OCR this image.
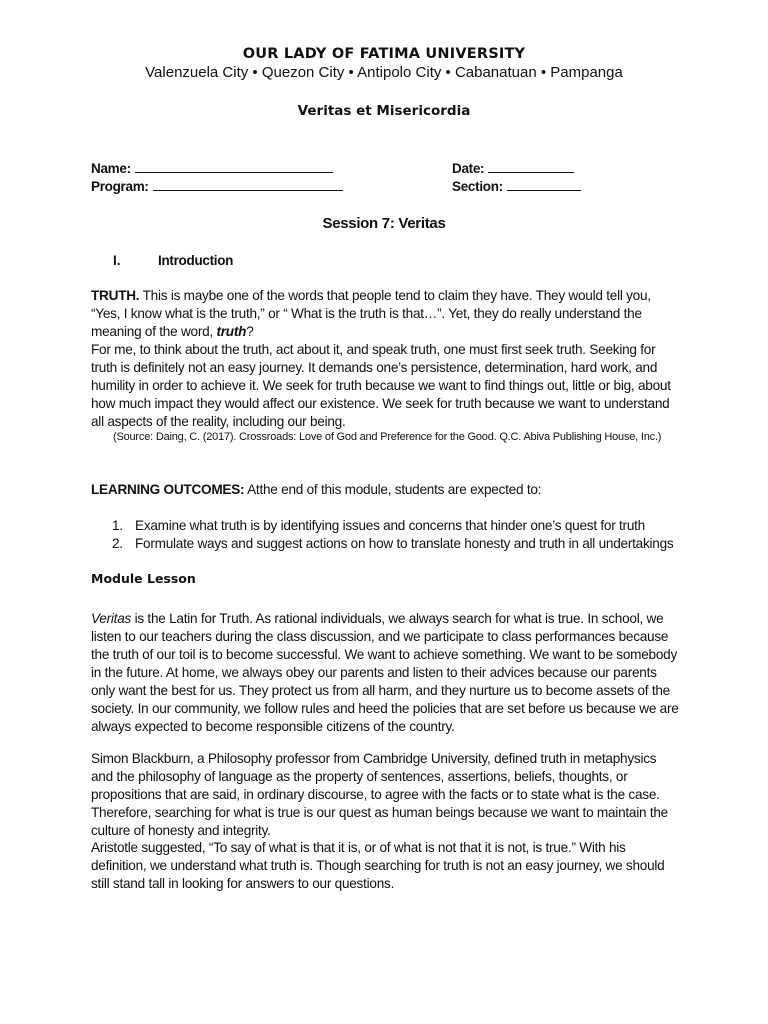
OUR LADY OF FATIMA UNIVERSITY
Valenzuela City • Quezon City • Antipolo City • Cabanatuan • Pampanga
Veritas et Misericordia
Name:
Program:
Date:
Section:
Session 7: Veritas
I.	Introduction
TRUTH. This is maybe one of the words that people tend to claim they have. They would tell you, “Yes, I know what is the truth,” or “ What is the truth is that…”. Yet, they do really understand the meaning of the word, truth?
For me, to think about the truth, act about it, and speak truth, one must first seek truth. Seeking for truth is definitely not an easy journey. It demands one’s persistence, determination, hard work, and humility in order to achieve it. We seek for truth because we want to find things out, little or big, about how much impact they would affect our existence. We seek for truth because we want to understand all aspects of the reality, including our being.
(Source: Daing, C. (2017). Crossroads: Love of God and Preference for the Good. Q.C. Abiva Publishing House, Inc.)
LEARNING OUTCOMES: Atthe end of this module, students are expected to:
1. Examine what truth is by identifying issues and concerns that hinder one’s quest for truth
2. Formulate ways and suggest actions on how to translate honesty and truth in all undertakings
Module Lesson
Veritas is the Latin for Truth. As rational individuals, we always search for what is true. In school, we listen to our teachers during the class discussion, and we participate to class performances because the truth of our toil is to become successful. We want to achieve something. We want to be somebody in the future. At home, we always obey our parents and listen to their advices because our parents only want the best for us. They protect us from all harm, and they nurture us to become assets of the society. In our community, we follow rules and heed the policies that are set before us because we are always expected to become responsible citizens of the country.
Simon Blackburn, a Philosophy professor from Cambridge University, defined truth in metaphysics and the philosophy of language as the property of sentences, assertions, beliefs, thoughts, or propositions that are said, in ordinary discourse, to agree with the facts or to state what is the case. Therefore, searching for what is true is our quest as human beings because we want to maintain the culture of honesty and integrity.
Aristotle suggested, “To say of what is that it is, or of what is not that it is not, is true.” With his definition, we understand what truth is. Though searching for truth is not an easy journey, we should still stand tall in looking for answers to our questions.
